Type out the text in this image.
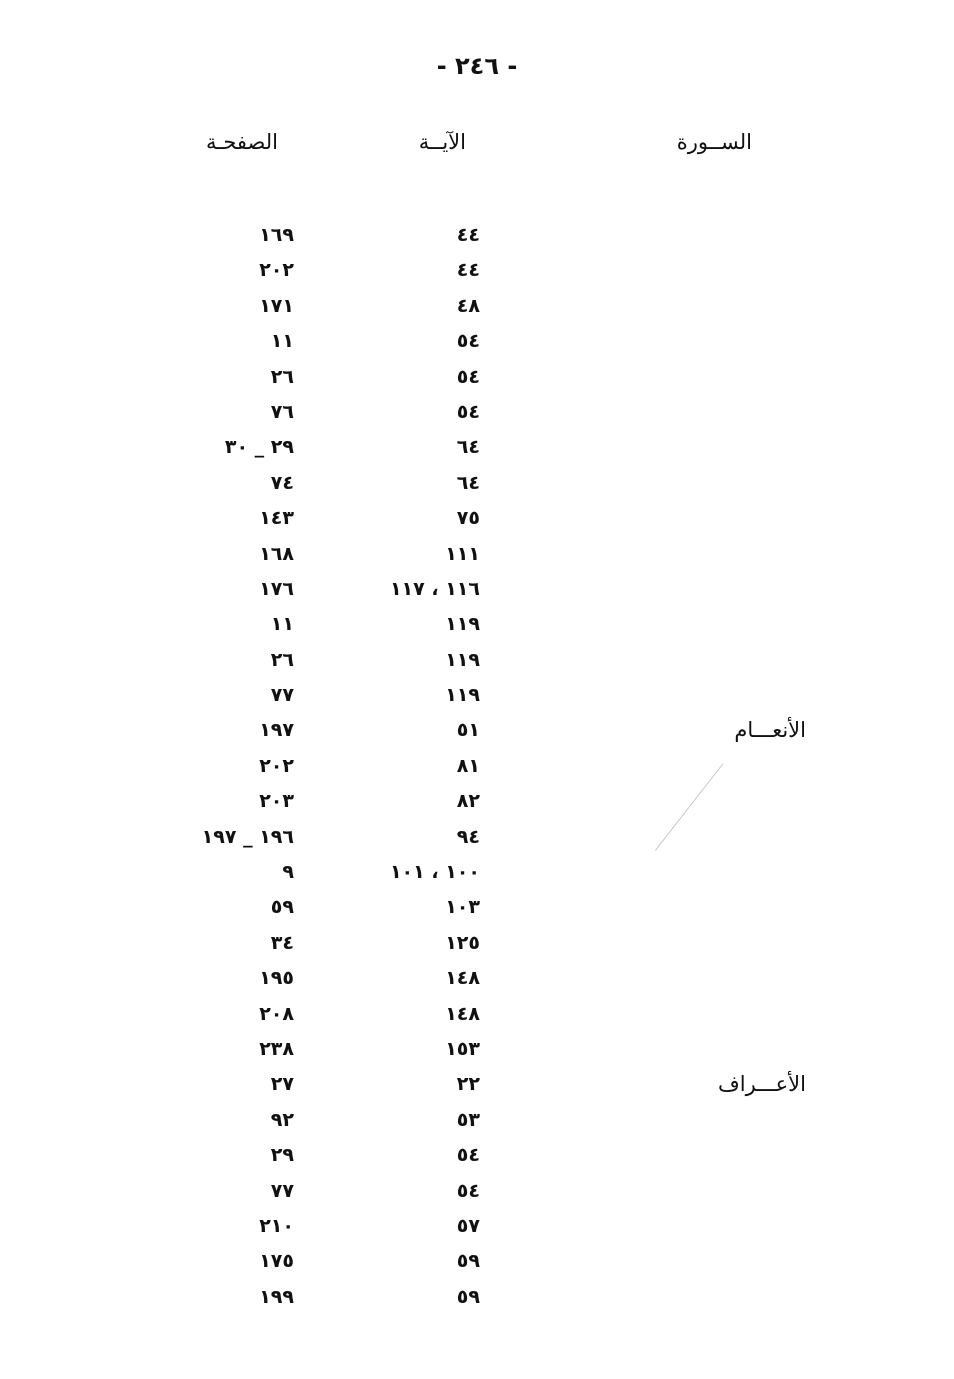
- ٢٤٦ -
الســورة
الآيــة
الصفحـة
٤٤
١٦٩
٤٤
٢٠٢
٤٨
١٧١
٥٤
١١
٥٤
٢٦
٥٤
٧٦
٦٤
٢٩ _ ٣٠
٦٤
٧٤
٧٥
١٤٣
١١١
١٦٨
١١٦ ، ١١٧
١٧٦
١١٩
١١
١١٩
٢٦
١١٩
٧٧
الأنعـــام
٥١
١٩٧
٨١
٢٠٢
٨٢
٢٠٣
٩٤
١٩٦ _ ١٩٧
١٠٠ ، ١٠١
٩
١٠٣
٥٩
١٢٥
٣٤
١٤٨
١٩٥
١٤٨
٢٠٨
١٥٣
٢٣٨
الأعـــراف
٢٢
٢٧
٥٣
٩٢
٥٤
٢٩
٥٤
٧٧
٥٧
٢١٠
٥٩
١٧٥
٥٩
١٩٩
